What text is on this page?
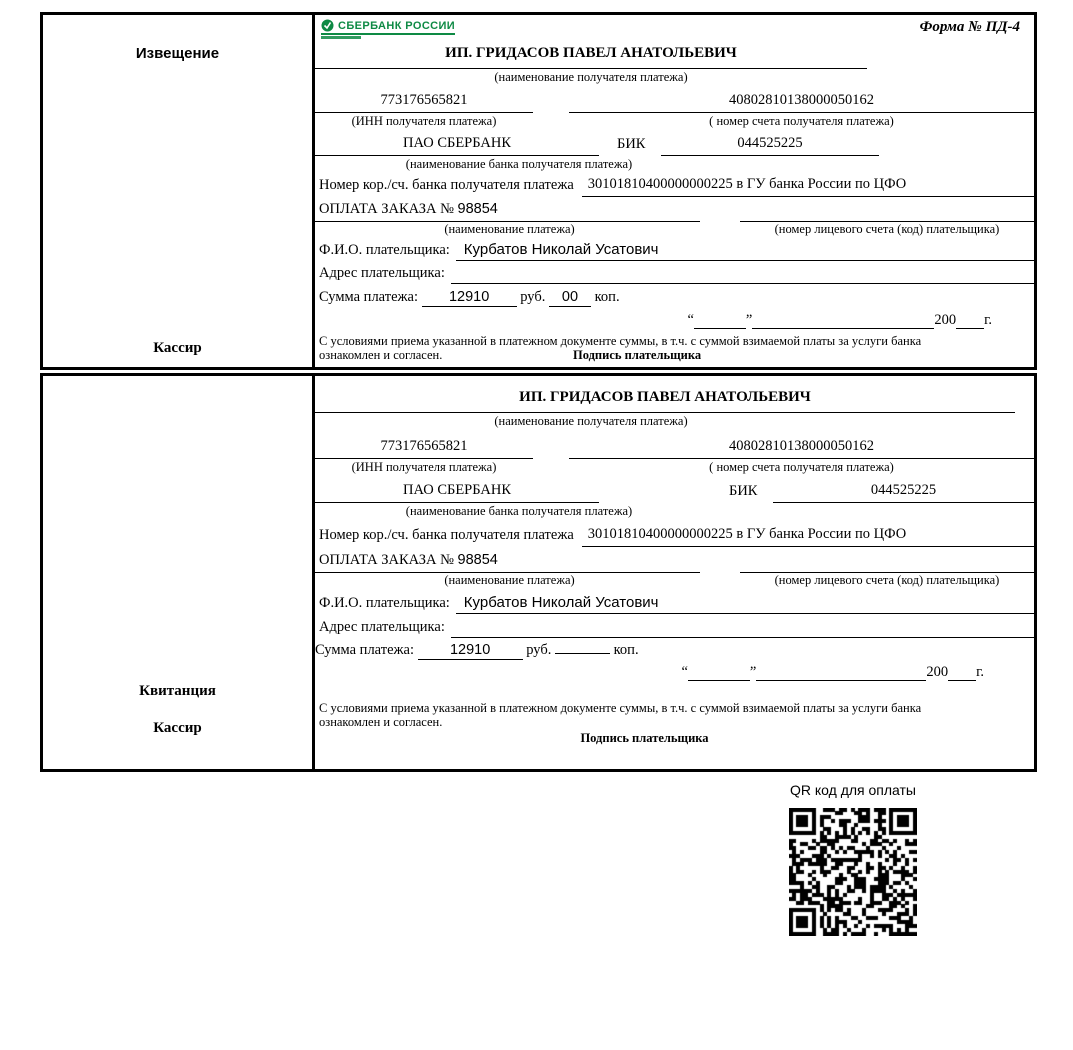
Извещение
Кассир
СБЕРБАНК РОССИИ	Форма № ПД-4
ИП. ГРИДАСОВ ПАВЕЛ АНАТОЛЬЕВИЧ
(наименование получателя платежа)
773176565821	40802810138000050162
(ИНН получателя платежа)	( номер счета получателя платежа)
ПАО СБЕРБАНК	БИК	044525225
(наименование банка получателя платежа)
Номер кор./сч. банка получателя платежа 30101810400000000225 в ГУ банка России по ЦФО
ОПЛАТА ЗАКАЗА № 98854
(наименование платежа)	(номер лицевого счета (код) плательщика)
Ф.И.О. плательщика: Курбатов Николай Усатович
Адрес плательщика:
Сумма платежа: 12910 руб. 00 коп.
“	”	200 г.
С условиями приема указанной в платежном документе суммы, в т.ч. с суммой взимаемой платы за услуги банка
ознакомлен и согласен.	Подпись плательщика
Квитанция
Кассир
ИП. ГРИДАСОВ ПАВЕЛ АНАТОЛЬЕВИЧ
(наименование получателя платежа)
773176565821	40802810138000050162
(ИНН получателя платежа)	( номер счета получателя платежа)
ПАО СБЕРБАНК	БИК	044525225
(наименование банка получателя платежа)
Номер кор./сч. банка получателя платежа 30101810400000000225 в ГУ банка России по ЦФО
ОПЛАТА ЗАКАЗА № 98854
(наименование платежа)	(номер лицевого счета (код) плательщика)
Ф.И.О. плательщика: Курбатов Николай Усатович
Адрес плательщика:
Сумма платежа: 12910 руб.	коп.
“	”	200 г.
С условиями приема указанной в платежном документе суммы, в т.ч. с суммой взимаемой платы за услуги банка
ознакомлен и согласен.
Подпись плательщика
QR код для оплаты
